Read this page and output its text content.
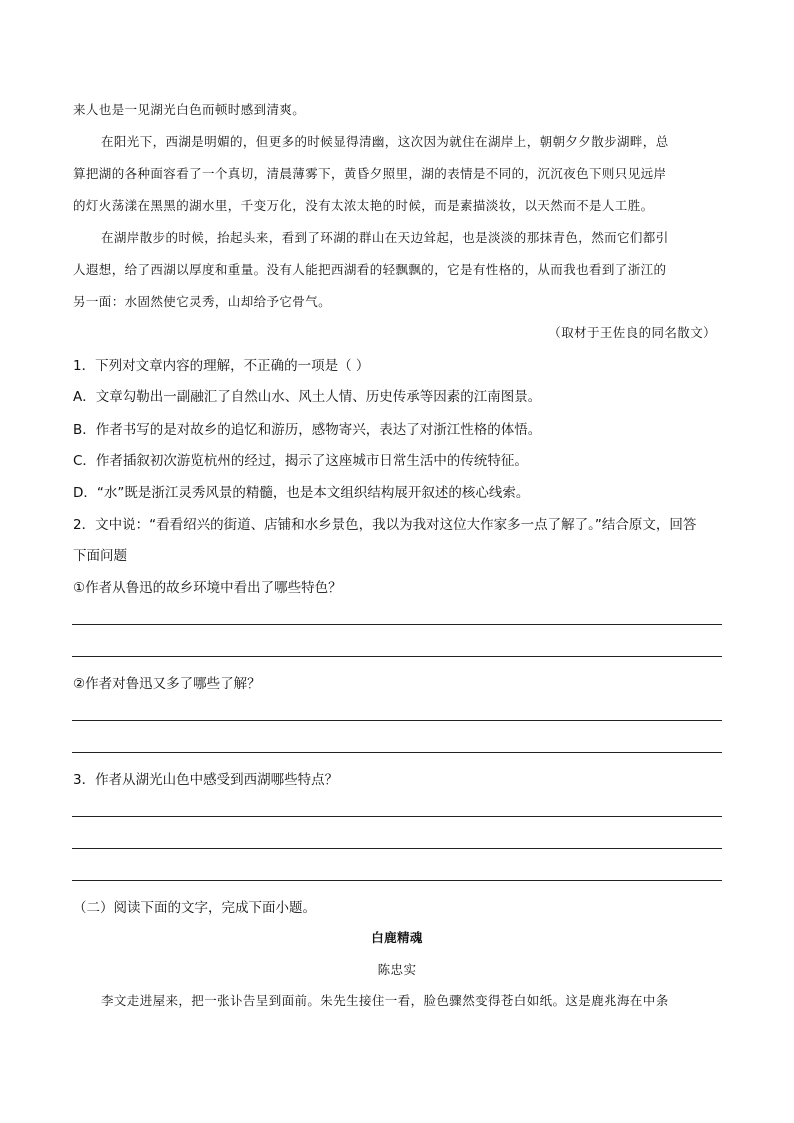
来人也是一见湖光白色而顿时感到清爽。
在阳光下，西湖是明媚的，但更多的时候显得清幽，这次因为就住在湖岸上，朝朝夕夕散步湖畔，总
算把湖的各种面容看了一个真切，清晨薄雾下，黄昏夕照里，湖的表情是不同的，沉沉夜色下则只见远岸
的灯火荡漾在黑黑的湖水里，千变万化，没有太浓太艳的时候，而是素描淡妆，以天然而不是人工胜。
在湖岸散步的时候，抬起头来，看到了环湖的群山在天边耸起，也是淡淡的那抹青色，然而它们都引
人遐想，给了西湖以厚度和重量。没有人能把西湖看的轻飘飘的，它是有性格的，从而我也看到了浙江的
另一面：水固然使它灵秀，山却给予它骨气。
（取材于王佐良的同名散文）
1．下列对文章内容的理解，不正确的一项是（ ）
A．文章勾勒出一副融汇了自然山水、风土人情、历史传承等因素的江南图景。
B．作者书写的是对故乡的追忆和游历，感物寄兴，表达了对浙江性格的体悟。
C．作者插叙初次游览杭州的经过，揭示了这座城市日常生活中的传统特征。
D．“水”既是浙江灵秀风景的精髓，也是本文组织结构展开叙述的核心线索。
2．文中说：“看看绍兴的街道、店铺和水乡景色，我以为我对这位大作家多一点了解了。”结合原文，回答
下面问题
①作者从鲁迅的故乡环境中看出了哪些特色？
②作者对鲁迅又多了哪些了解？
3．作者从湖光山色中感受到西湖哪些特点？
（二）阅读下面的文字，完成下面小题。
白鹿精魂
陈忠实
李文走进屋来，把一张讣告呈到面前。朱先生接住一看，脸色骤然变得苍白如纸。这是鹿兆海在中条
